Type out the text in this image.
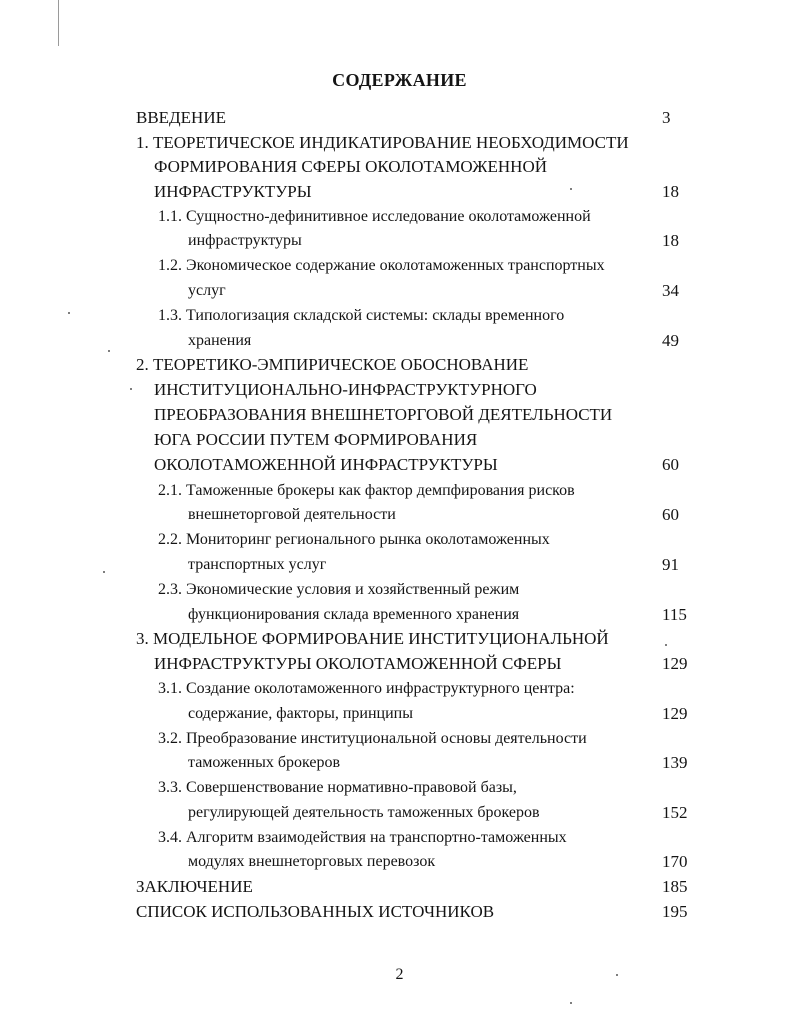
СОДЕРЖАНИЕ
ВВЕДЕНИЕ	3
1. ТЕОРЕТИЧЕСКОЕ ИНДИКАТИРОВАНИЕ НЕОБХОДИМОСТИ
ФОРМИРОВАНИЯ СФЕРЫ ОКОЛОТАМОЖЕННОЙ
ИНФРАСТРУКТУРЫ	18
1.1. Сущностно-дефинитивное исследование околотаможенной
инфраструктуры	18
1.2. Экономическое содержание околотаможенных транспортных
услуг	34
1.3. Типологизация складской системы: склады временного
хранения	49
2. ТЕОРЕТИКО-ЭМПИРИЧЕСКОЕ ОБОСНОВАНИЕ
ИНСТИТУЦИОНАЛЬНО-ИНФРАСТРУКТУРНОГО
ПРЕОБРАЗОВАНИЯ ВНЕШНЕТОРГОВОЙ ДЕЯТЕЛЬНОСТИ
ЮГА РОССИИ ПУТЕМ ФОРМИРОВАНИЯ
ОКОЛОТАМОЖЕННОЙ ИНФРАСТРУКТУРЫ	60
2.1. Таможенные брокеры как фактор демпфирования рисков
внешнеторговой деятельности	60
2.2. Мониторинг регионального рынка околотаможенных
транспортных услуг	91
2.3. Экономические условия и хозяйственный режим
функционирования склада временного хранения	115
3. МОДЕЛЬНОЕ ФОРМИРОВАНИЕ ИНСТИТУЦИОНАЛЬНОЙ
ИНФРАСТРУКТУРЫ ОКОЛОТАМОЖЕННОЙ СФЕРЫ	129
3.1. Создание околотаможенного инфраструктурного центра:
содержание, факторы, принципы	129
3.2. Преобразование институциональной основы деятельности
таможенных брокеров	139
3.3. Совершенствование нормативно-правовой базы,
регулирующей деятельность таможенных брокеров	152
3.4. Алгоритм взаимодействия на транспортно-таможенных
модулях внешнеторговых перевозок	170
ЗАКЛЮЧЕНИЕ	185
СПИСОК ИСПОЛЬЗОВАННЫХ ИСТОЧНИКОВ	195
2
